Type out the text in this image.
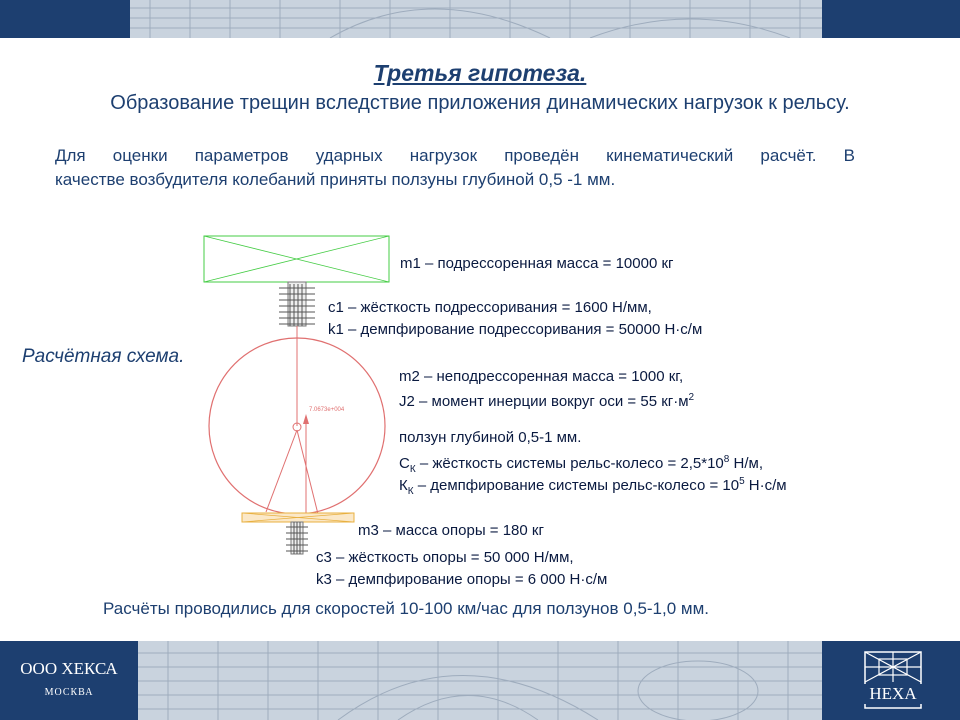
Третья гипотеза.
Образование трещин вследствие приложения динамических нагрузок к рельсу.
Для оценки параметров ударных нагрузок проведён кинематический расчёт. В
качестве возбудителя колебаний приняты ползуны глубиной 0,5 -1 мм.
Расчётная схема.
7.0673e+004
m1 – подрессоренная масса = 10000 кг
c1 – жёсткость подрессоривания = 1600 Н/мм,
k1 – демпфирование подрессоривания = 50000 Н·с/м
m2 – неподрессоренная масса = 1000 кг,
J2 – момент инерции вокруг оси = 55 $кг\cdot м^2$
ползун глубиной 0,5-1 мм.
$С_К$ – жёсткость системы рельс-колесо = $2,5*10^8$ Н/м,
$К_К$ – демпфирование системы рельс-колесо = $10^5$ Н·с/м
m3 – масса опоры = 180 кг
с3 – жёсткость опоры = 50 000 Н/мм,
k3 – демпфирование опоры = 6 000 Н·с/м
Расчёты проводились для скоростей 10-100 км/час для ползунов 0,5-1,0 мм.
ООО ХЕКСА
МОСКВА	HEXA
